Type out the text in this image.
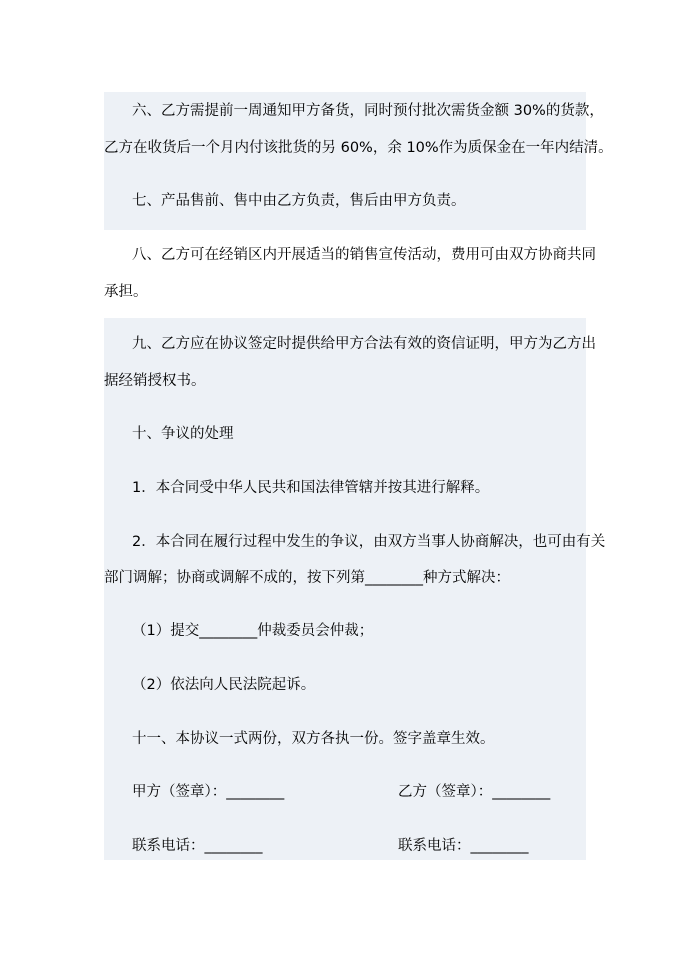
六、乙方需提前一周通知甲方备货，同时预付批次需货金额 30%的货款，
乙方在收货后一个月内付该批货的另 60%，余 10%作为质保金在一年内结清。
七、产品售前、售中由乙方负责，售后由甲方负责。
八、乙方可在经销区内开展适当的销售宣传活动，费用可由双方协商共同
承担。
九、乙方应在协议签定时提供给甲方合法有效的资信证明，甲方为乙方出
据经销授权书。
十、争议的处理
1．本合同受中华人民共和国法律管辖并按其进行解释。
2．本合同在履行过程中发生的争议，由双方当事人协商解决，也可由有关
部门调解；协商或调解不成的，按下列第________种方式解决：
（1）提交________仲裁委员会仲裁；
（2）依法向人民法院起诉。
十一、本协议一式两份，双方各执一份。签字盖章生效。
甲方（签章）：________	乙方（签章）：________
联系电话：________	联系电话：________
